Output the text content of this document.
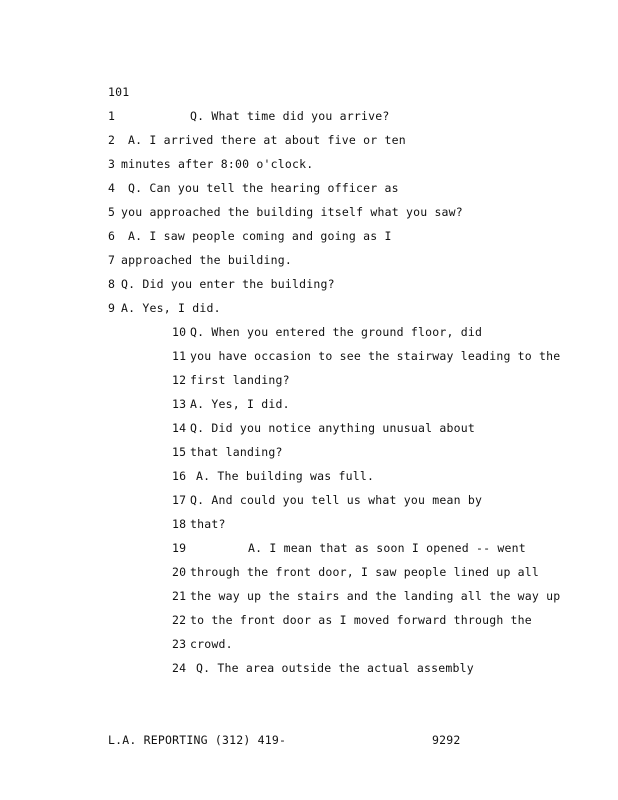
101
1	Q. What time did you arrive?
2 A. I arrived there at about five or ten
3 minutes after 8:00 o'clock.
4 Q. Can you tell the hearing officer as
5 you approached the building itself what you saw?
6 A. I saw people coming and going as I
7 approached the building.
8 Q. Did you enter the building?
9 A. Yes, I did.
10 Q. When you entered the ground floor, did
11 you have occasion to see the stairway leading to the
12 first landing?
13 A. Yes, I did.
14 Q. Did you notice anything unusual about
15 that landing?
16 A. The building was full.
17 Q. And could you tell us what you mean by
18 that?
19	A. I mean that as soon I opened -- went
20 through the front door, I saw people lined up all
21 the way up the stairs and the landing all the way up
22 to the front door as I moved forward through the
23 crowd.
24 Q. The area outside the actual assembly
L.A. REPORTING (312) 419-	9292
